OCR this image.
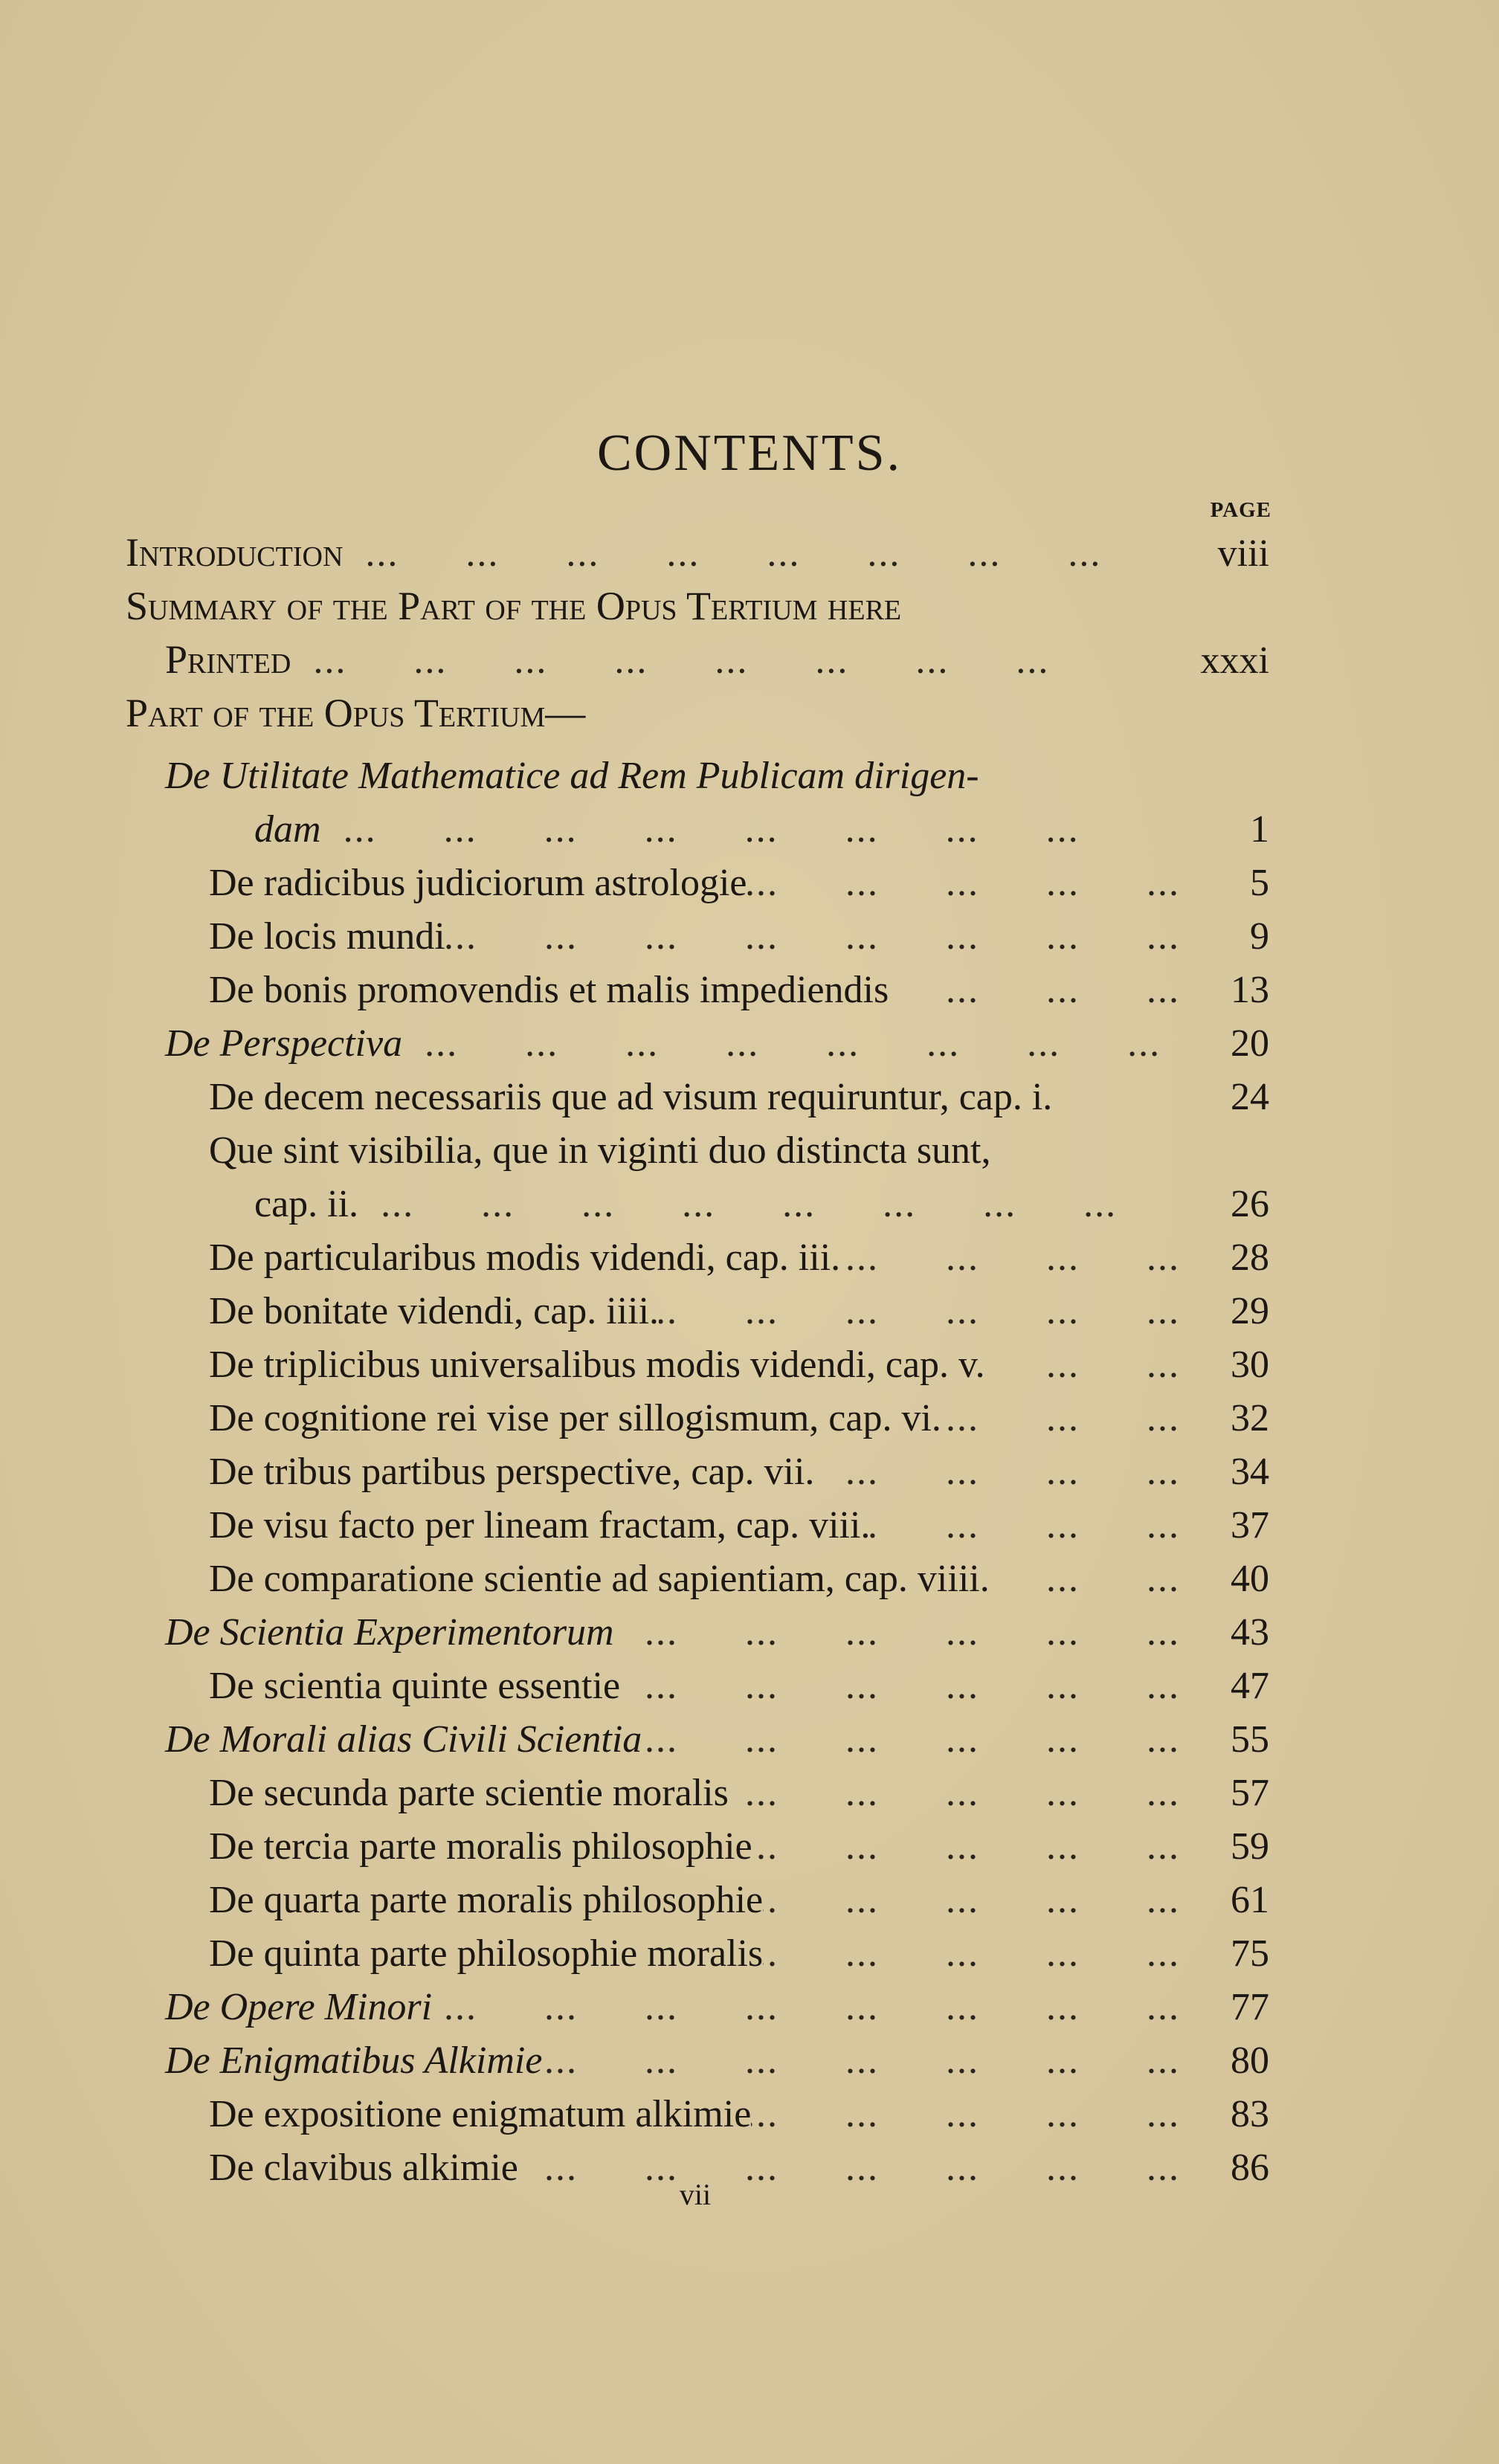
CONTENTS.
PAGE
Introduction ...	viii
Summary of the Part of the Opus Tertium here
Printed ...	xxxi
Part of the Opus Tertium—
De Utilitate Mathematice ad Rem Publicam dirigen-
dam ...	1
De radicibus judiciorum astrologie ...	5
De locis mundi ...	9
De bonis promovendis et malis impediendis ...	13
De Perspectiva ...	20
De decem necessariis que ad visum requiruntur, cap. i.	24
Que sint visibilia, que in viginti duo distincta sunt,
cap. ii. ...	26
De particularibus modis videndi, cap. iii. ...	28
De bonitate videndi, cap. iiii. ...	29
De triplicibus universalibus modis videndi, cap. v. ...	30
De cognitione rei vise per sillogismum, cap. vi. ...	32
De tribus partibus perspective, cap. vii. ...	34
De visu facto per lineam fractam, cap. viii. ...	37
De comparatione scientie ad sapientiam, cap. viiii. ...	40
De Scientia Experimentorum ...	43
De scientia quinte essentie ...	47
De Morali alias Civili Scientia ...	55
De secunda parte scientie moralis ...	57
De tercia parte moralis philosophie ...	59
De quarta parte moralis philosophie ...	61
De quinta parte philosophie moralis ...	75
De Opere Minori ...	77
De Enigmatibus Alkimie ...	80
De expositione enigmatum alkimie ...	83
De clavibus alkimie ...	86
vii
